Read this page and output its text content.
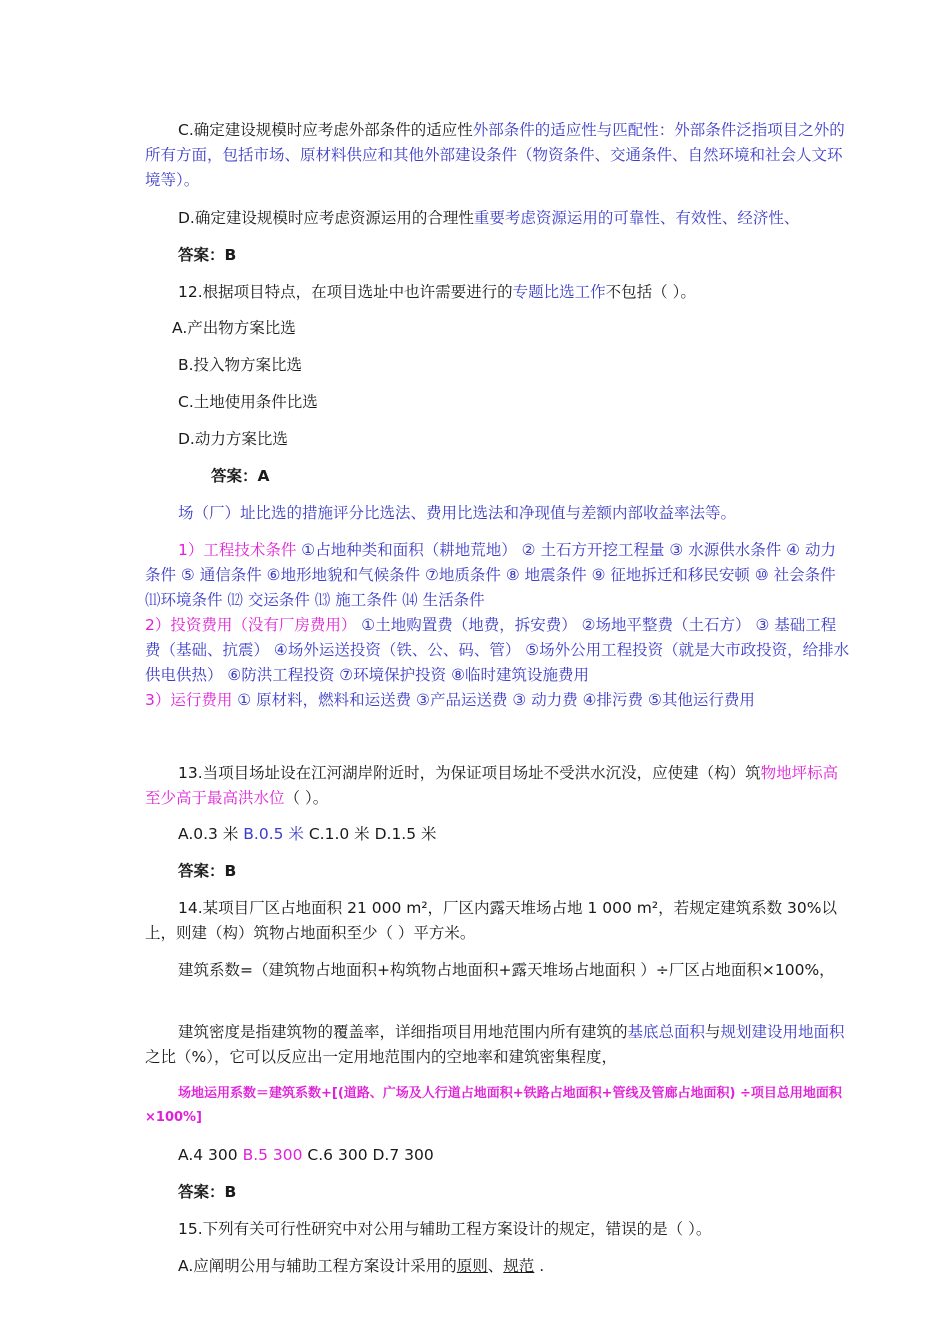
C.确定建设规模时应考虑外部条件的适应性外部条件的适应性与匹配性：外部条件泛指项目之外的所有方面，包括市场、原材料供应和其他外部建设条件（物资条件、交通条件、自然环境和社会人文环境等）。

D.确定建设规模时应考虑资源运用的合理性重要考虑资源运用的可靠性、有效性、经济性、

答案：B

12.根据项目特点，在项目选址中也许需要进行的专题比选工作不包括（ ）。

A.产出物方案比选

B.投入物方案比选

C.土地使用条件比选

D.动力方案比选

答案：A

场（厂）址比选的措施评分比选法、费用比选法和净现值与差额内部收益率法等。

1）工程技术条件 ①占地种类和面积（耕地荒地） ② 土石方开挖工程量 ③ 水源供水条件 ④ 动力条件 ⑤ 通信条件 ⑥地形地貌和气候条件 ⑦地质条件 ⑧ 地震条件 ⑨ 征地拆迁和移民安顿 ⑩ 社会条件 ⑾环境条件 ⑿ 交运条件 ⒀ 施工条件 ⒁ 生活条件

2）投资费用（没有厂房费用） ①土地购置费（地费，拆安费） ②场地平整费（土石方） ③ 基础工程费（基础、抗震） ④场外运送投资（铁、公、码、管） ⑤场外公用工程投资（就是大市政投资，给排水供电供热） ⑥防洪工程投资 ⑦环境保护投资 ⑧临时建筑设施费用

3）运行费用 ① 原材料，燃料和运送费 ③产品运送费 ③ 动力费 ④排污费 ⑤其他运行费用

13.当项目场址设在江河湖岸附近时，为保证项目场址不受洪水沉没，应使建（构）筑物地坪标高至少高于最高洪水位（ ）。

A.0.3 米 B.0.5 米 C.1.0 米 D.1.5 米

答案：B

14.某项目厂区占地面积 21 000 m²，厂区内露天堆场占地 1 000 m²，若规定建筑系数 30%以上，则建（构）筑物占地面积至少（ ）平方米。

建筑系数=（建筑物占地面积+构筑物占地面积+露天堆场占地面积 ）÷厂区占地面积×100%，

建筑密度是指建筑物的覆盖率，详细指项目用地范围内所有建筑的基底总面积与规划建设用地面积之比（%），它可以反应出一定用地范围内的空地率和建筑密集程度，

场地运用系数＝建筑系数+[(道路、广场及人行道占地面积+铁路占地面积+管线及管廊占地面积) ÷项目总用地面积×100%]

A.4 300 B.5 300 C.6 300 D.7 300

答案：B

15.下列有关可行性研究中对公用与辅助工程方案设计的规定，错误的是（ ）。

A.应阐明公用与辅助工程方案设计采用的原则、规范 .
